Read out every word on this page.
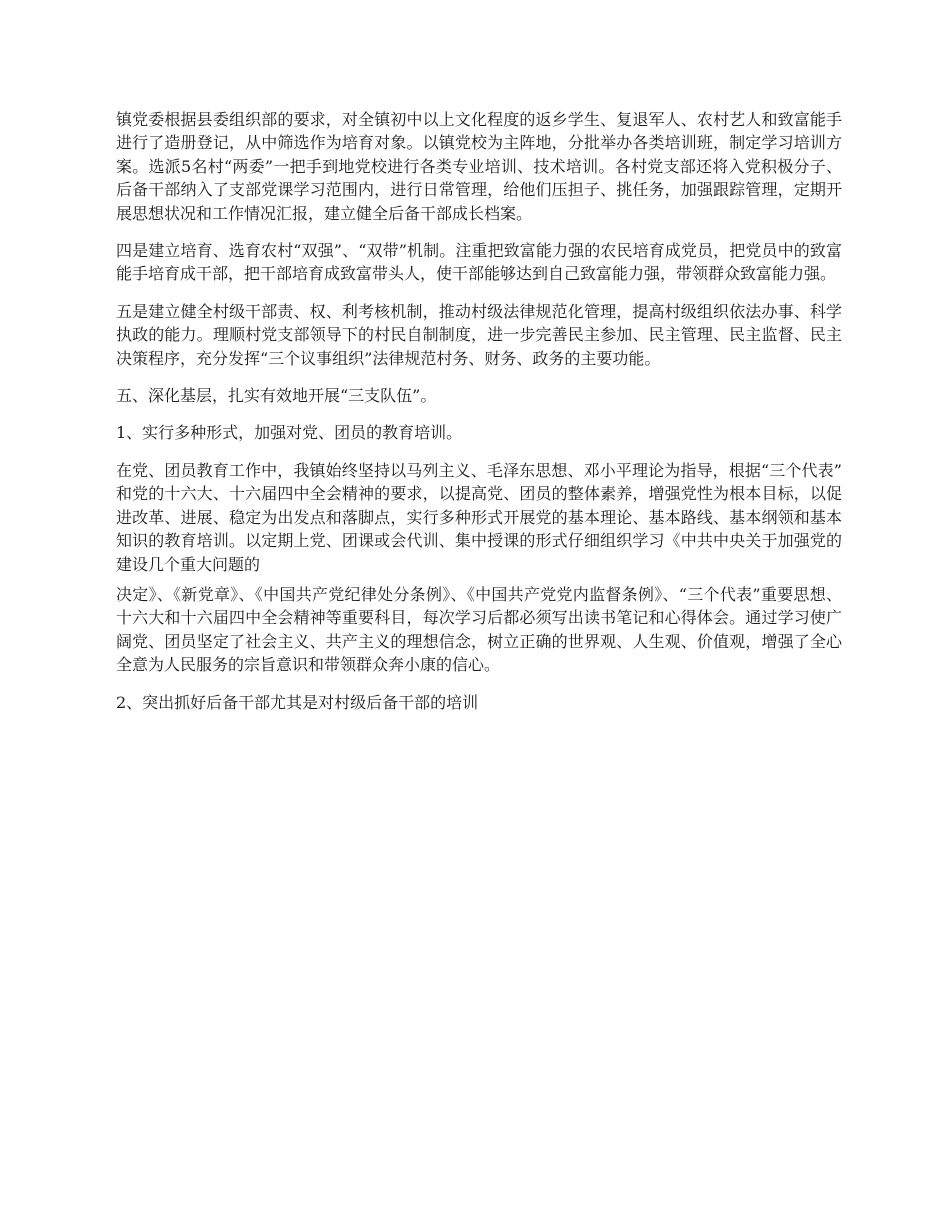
镇党委根据县委组织部的要求，对全镇初中以上文化程度的返乡学生、复退军人、农村艺人和致富能手进行了造册登记，从中筛选作为培育对象。以镇党校为主阵地，分批举办各类培训班，制定学习培训方案。选派5名村“两委”一把手到地党校进行各类专业培训、技术培训。各村党支部还将入党积极分子、后备干部纳入了支部党课学习范围内，进行日常管理，给他们压担子、挑任务，加强跟踪管理，定期开展思想状况和工作情况汇报，建立健全后备干部成长档案。

四是建立培育、选育农村“双强”、“双带”机制。注重把致富能力强的农民培育成党员，把党员中的致富能手培育成干部，把干部培育成致富带头人，使干部能够达到自己致富能力强，带领群众致富能力强。

五是建立健全村级干部责、权、利考核机制，推动村级法律规范化管理，提高村级组织依法办事、科学执政的能力。理顺村党支部领导下的村民自制制度，进一步完善民主参加、民主管理、民主监督、民主决策程序，充分发挥“三个议事组织”法律规范村务、财务、政务的主要功能。

五、深化基层，扎实有效地开展“三支队伍”。

1、实行多种形式，加强对党、团员的教育培训。

在党、团员教育工作中，我镇始终坚持以马列主义、毛泽东思想、邓小平理论为指导，根据“三个代表”和党的十六大、十六届四中全会精神的要求，以提高党、团员的整体素养，增强党性为根本目标，以促进改革、进展、稳定为出发点和落脚点，实行多种形式开展党的基本理论、基本路线、基本纲领和基本知识的教育培训。以定期上党、团课或会代训、集中授课的形式仔细组织学习《中共中央关于加强党的建设几个重大问题的

决定》、《新党章》、《中国共产党纪律处分条例》、《中国共产党党内监督条例》、“三个代表”重要思想、十六大和十六届四中全会精神等重要科目，每次学习后都必须写出读书笔记和心得体会。通过学习使广阔党、团员坚定了社会主义、共产主义的理想信念，树立正确的世界观、人生观、价值观，增强了全心全意为人民服务的宗旨意识和带领群众奔小康的信心。

2、突出抓好后备干部尤其是对村级后备干部的培训
